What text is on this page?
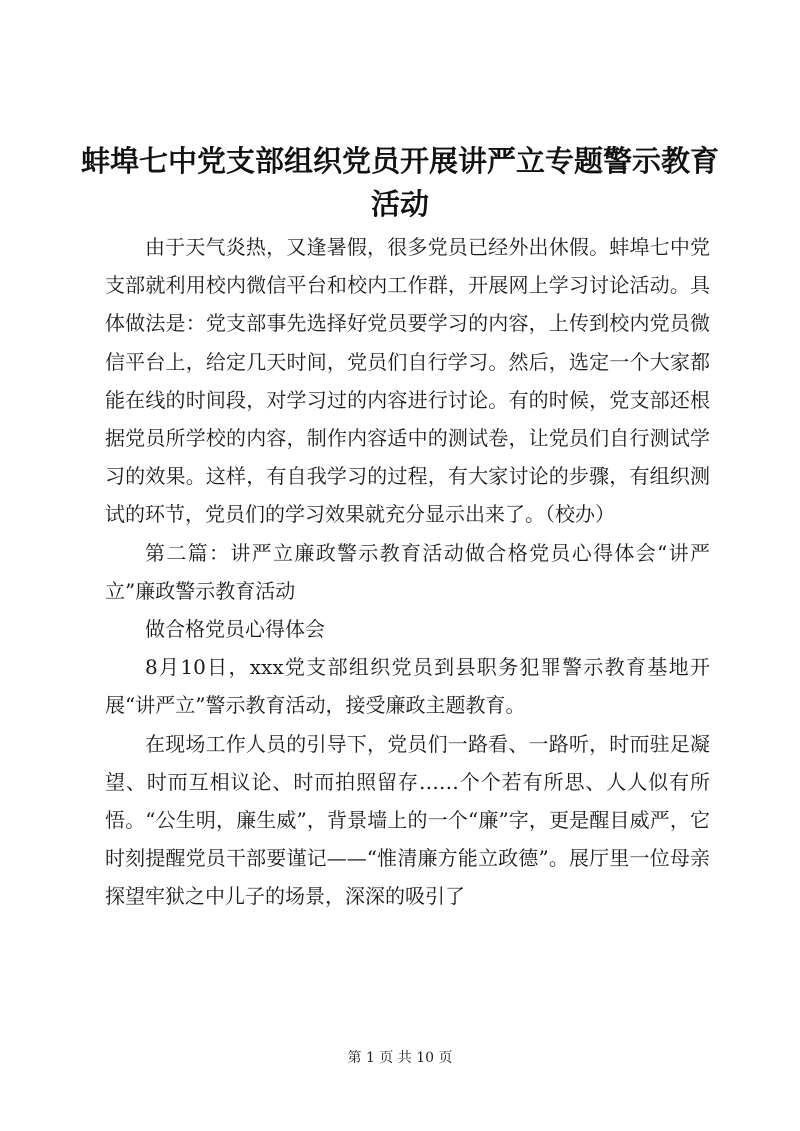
蚌埠七中党支部组织党员开展讲严立专题警示教育活动

由于天气炎热，又逢暑假，很多党员已经外出休假。蚌埠七中党支部就利用校内微信平台和校内工作群，开展网上学习讨论活动。具体做法是：党支部事先选择好党员要学习的内容，上传到校内党员微信平台上，给定几天时间，党员们自行学习。然后，选定一个大家都能在线的时间段，对学习过的内容进行讨论。有的时候，党支部还根据党员所学校的内容，制作内容适中的测试卷，让党员们自行测试学习的效果。这样，有自我学习的过程，有大家讨论的步骤，有组织测试的环节，党员们的学习效果就充分显示出来了。（校办）

第二篇：讲严立廉政警示教育活动做合格党员心得体会“讲严立”廉政警示教育活动

做合格党员心得体会

8月10日，xxx党支部组织党员到县职务犯罪警示教育基地开展“讲严立”警示教育活动，接受廉政主题教育。

在现场工作人员的引导下，党员们一路看、一路听，时而驻足凝望、时而互相议论、时而拍照留存……个个若有所思、人人似有所悟。“公生明，廉生威”，背景墙上的一个“廉”字，更是醒目威严，它时刻提醒党员干部要谨记——“惟清廉方能立政德”。展厅里一位母亲探望牢狱之中儿子的场景，深深的吸引了

第 1 页 共 10 页
